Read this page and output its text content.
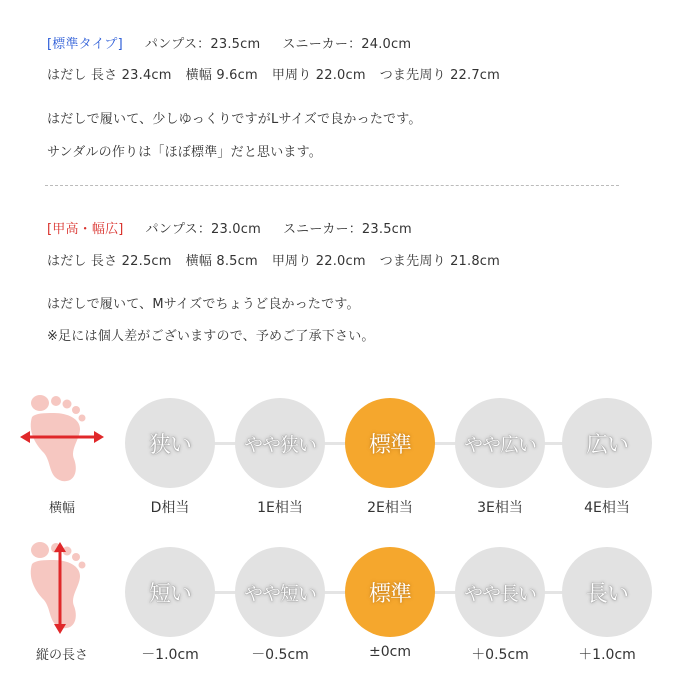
[標準タイプ] パンプス：23.5cm スニーカー：24.0cm
はだし 長さ 23.4cm 横幅 9.6cm 甲周り 22.0cm つま先周り 22.7cm
はだしで履いて、少しゆっくりですがLサイズで良かったです。
サンダルの作りは「ほぼ標準」だと思います。
[甲高・幅広] パンプス：23.0cm スニーカー：23.5cm
はだし 長さ 22.5cm 横幅 8.5cm 甲周り 22.0cm つま先周り 21.8cm
はだしで履いて、Mサイズでちょうど良かったです。
※足には個人差がございますので、予めご了承下さい。
横幅
狭い	やや狭い	標準	やや広い	広い
D相当	1E相当	2E相当	3E相当	4E相当
縦の長さ
短い	やや短い	標準	やや長い	長い
－1.0cm	－0.5cm	±0cm	＋0.5cm	＋1.0cm
